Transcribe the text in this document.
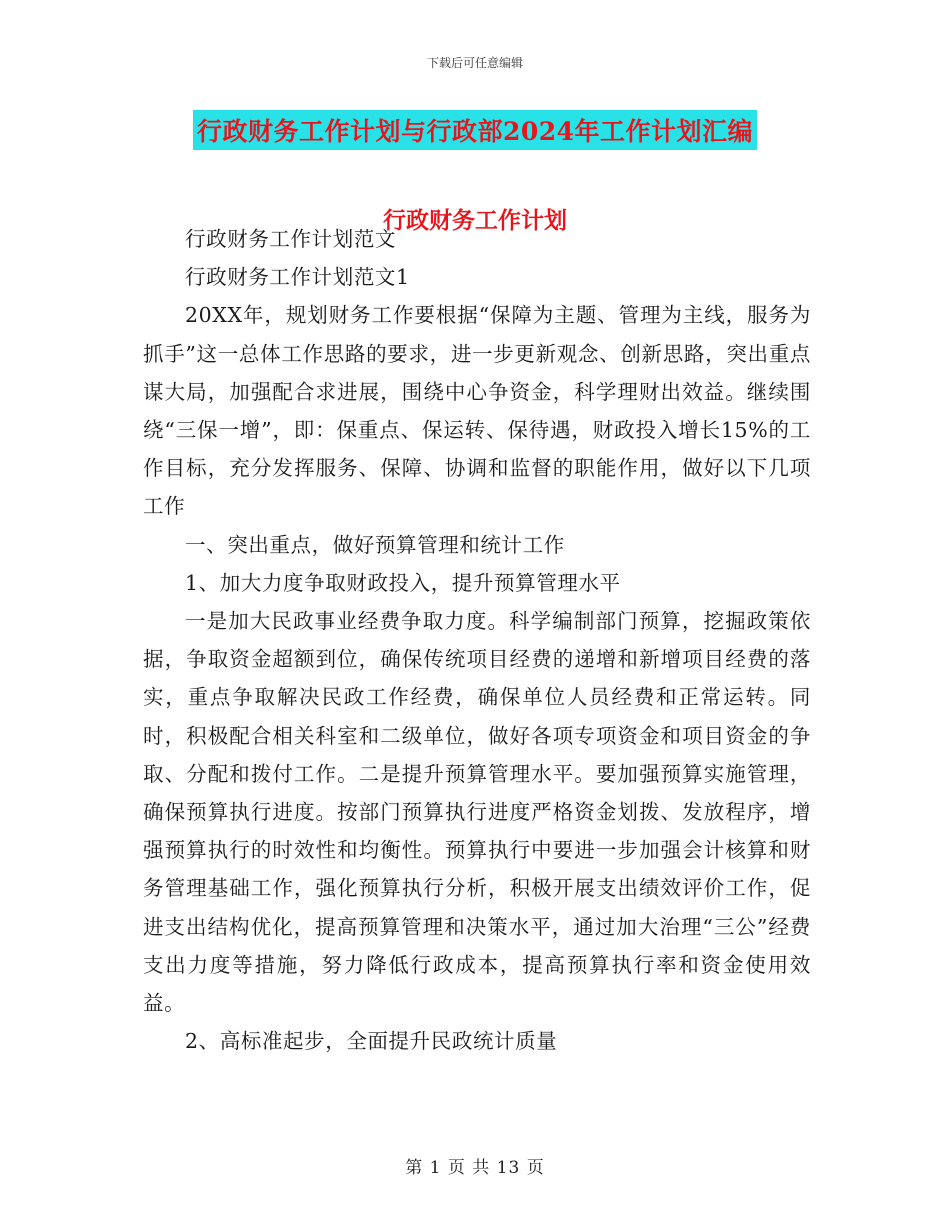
下载后可任意编辑
行政财务工作计划与行政部2024年工作计划汇编
行政财务工作计划

行政财务工作计划范文

行政财务工作计划范文1

20XX年，规划财务工作要根据“保障为主题、管理为主线，服务为抓手”这一总体工作思路的要求，进一步更新观念、创新思路，突出重点谋大局，加强配合求进展，围绕中心争资金，科学理财出效益。继续围绕“三保一增”，即：保重点、保运转、保待遇，财政投入增长15%的工作目标，充分发挥服务、保障、协调和监督的职能作用，做好以下几项工作

一、突出重点，做好预算管理和统计工作

1、加大力度争取财政投入，提升预算管理水平

一是加大民政事业经费争取力度。科学编制部门预算，挖掘政策依据，争取资金超额到位，确保传统项目经费的递增和新增项目经费的落实，重点争取解决民政工作经费，确保单位人员经费和正常运转。同时，积极配合相关科室和二级单位，做好各项专项资金和项目资金的争取、分配和拨付工作。二是提升预算管理水平。要加强预算实施管理，确保预算执行进度。按部门预算执行进度严格资金划拨、发放程序，增强预算执行的时效性和均衡性。预算执行中要进一步加强会计核算和财务管理基础工作，强化预算执行分析，积极开展支出绩效评价工作，促进支出结构优化，提高预算管理和决策水平，通过加大治理“三公”经费支出力度等措施，努力降低行政成本，提高预算执行率和资金使用效益。

2、高标准起步，全面提升民政统计质量

第 1 页 共 13 页
